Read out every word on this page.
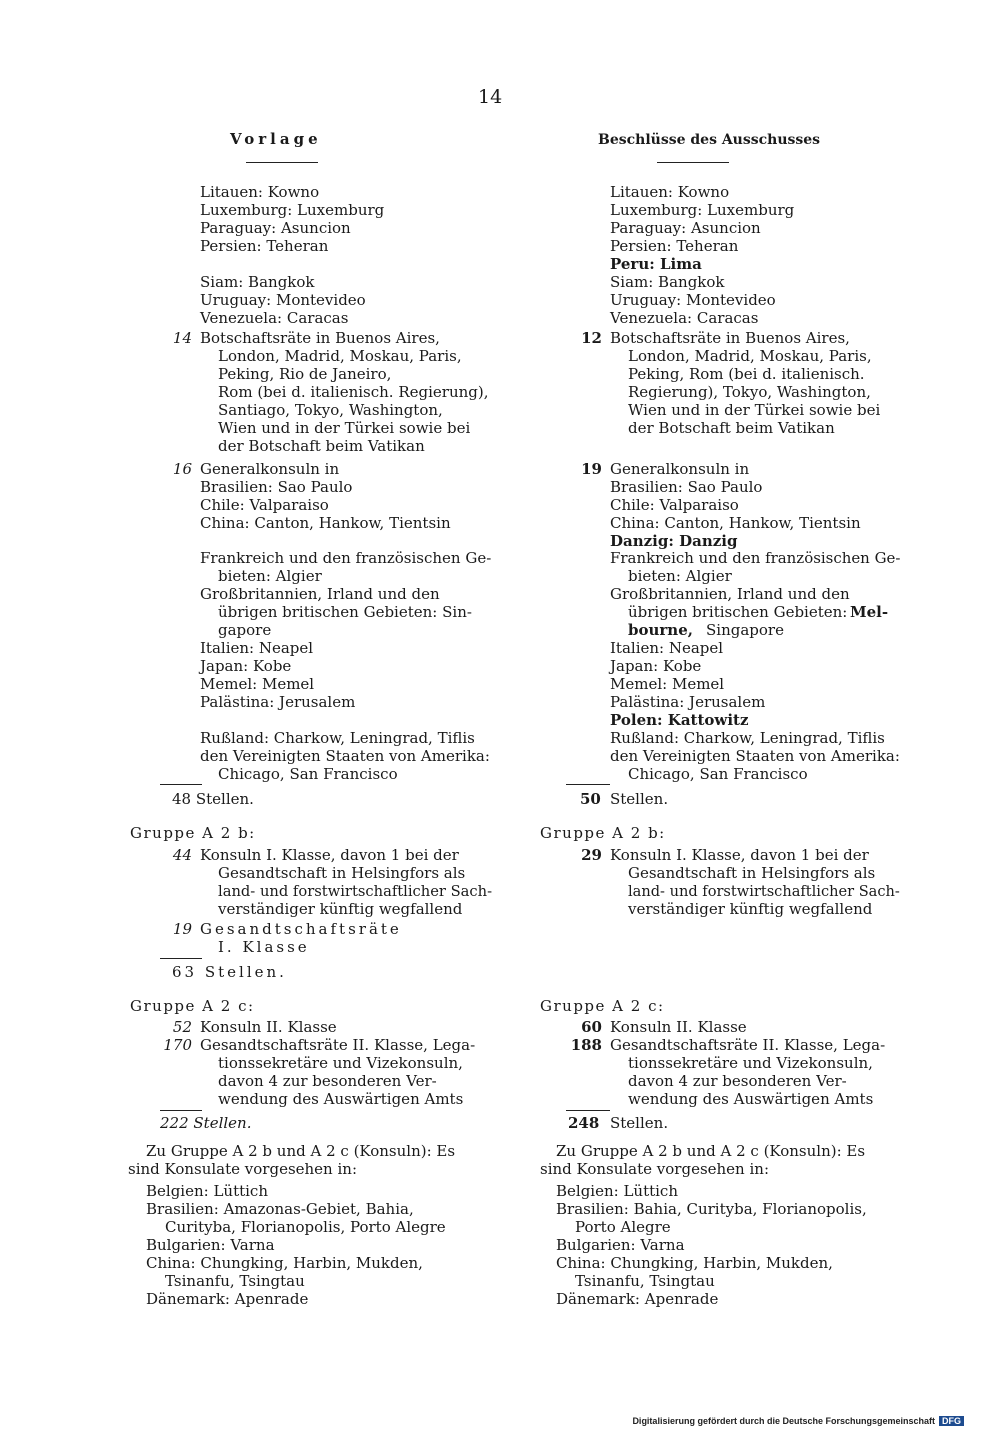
14
Vorlage
Litauen: Kowno
Luxemburg: Luxemburg
Paraguay: Asuncion
Persien: Teheran
Siam: Bangkok
Uruguay: Montevideo
Venezuela: Caracas
14 Botschaftsräte in Buenos Aires,
London, Madrid, Moskau, Paris,
Peking, Rio de Janeiro,
Rom (bei d. italienisch. Regierung),
Santiago, Tokyo, Washington,
Wien und in der Türkei sowie bei
der Botschaft beim Vatikan
16 Generalkonsuln in
Brasilien: Sao Paulo
Chile: Valparaiso
China: Canton, Hankow, Tientsin
Frankreich und den französischen Ge-
bieten: Algier
Großbritannien, Irland und den
übrigen britischen Gebieten: Sin-
gapore
Italien: Neapel
Japan: Kobe
Memel: Memel
Palästina: Jerusalem
Rußland: Charkow, Leningrad, Tiflis
den Vereinigten Staaten von Amerika:
Chicago, San Francisco
48 Stellen.
Gruppe A 2 b:
44 Konsuln I. Klasse, davon 1 bei der
Gesandtschaft in Helsingfors als
land- und forstwirtschaftlicher Sach-
verständiger künftig wegfallend
19 Gesandtschaftsräte
I. Klasse
63 Stellen.
Gruppe A 2 c:
52 Konsuln II. Klasse
170 Gesandtschaftsräte II. Klasse, Lega-
tionssekretäre und Vizekonsuln,
davon 4 zur besonderen Ver-
wendung des Auswärtigen Amts
222 Stellen.
Zu Gruppe A 2 b und A 2 c (Konsuln): Es
sind Konsulate vorgesehen in:
Belgien: Lüttich
Brasilien: Amazonas-Gebiet, Bahia,
Curityba, Florianopolis, Porto Alegre
Bulgarien: Varna
China: Chungking, Harbin, Mukden,
Tsinanfu, Tsingtau
Dänemark: Apenrade
Beschlüsse des Ausschusses
Litauen: Kowno
Luxemburg: Luxemburg
Paraguay: Asuncion
Persien: Teheran
Peru: Lima
Siam: Bangkok
Uruguay: Montevideo
Venezuela: Caracas
12 Botschaftsräte in Buenos Aires,
London, Madrid, Moskau, Paris,
Peking, Rom (bei d. italienisch.
Regierung), Tokyo, Washington,
Wien und in der Türkei sowie bei
der Botschaft beim Vatikan
19 Generalkonsuln in
Brasilien: Sao Paulo
Chile: Valparaiso
China: Canton, Hankow, Tientsin
Danzig: Danzig
Frankreich und den französischen Ge-
bieten: Algier
Großbritannien, Irland und den
übrigen britischen Gebieten: Mel-
bourne, Singapore
Italien: Neapel
Japan: Kobe
Memel: Memel
Palästina: Jerusalem
Polen: Kattowitz
Rußland: Charkow, Leningrad, Tiflis
den Vereinigten Staaten von Amerika:
Chicago, San Francisco
50 Stellen.
Gruppe A 2 b:
29 Konsuln I. Klasse, davon 1 bei der
Gesandtschaft in Helsingfors als
land- und forstwirtschaftlicher Sach-
verständiger künftig wegfallend
Gruppe A 2 c:
60 Konsuln II. Klasse
188 Gesandtschaftsräte II. Klasse, Lega-
tionssekretäre und Vizekonsuln,
davon 4 zur besonderen Ver-
wendung des Auswärtigen Amts
248 Stellen.
Zu Gruppe A 2 b und A 2 c (Konsuln): Es
sind Konsulate vorgesehen in:
Belgien: Lüttich
Brasilien: Bahia, Curityba, Florianopolis,
Porto Alegre
Bulgarien: Varna
China: Chungking, Harbin, Mukden,
Tsinanfu, Tsingtau
Dänemark: Apenrade
Digitalisierung gefördert durch die Deutsche Forschungsgemeinschaft DFG
